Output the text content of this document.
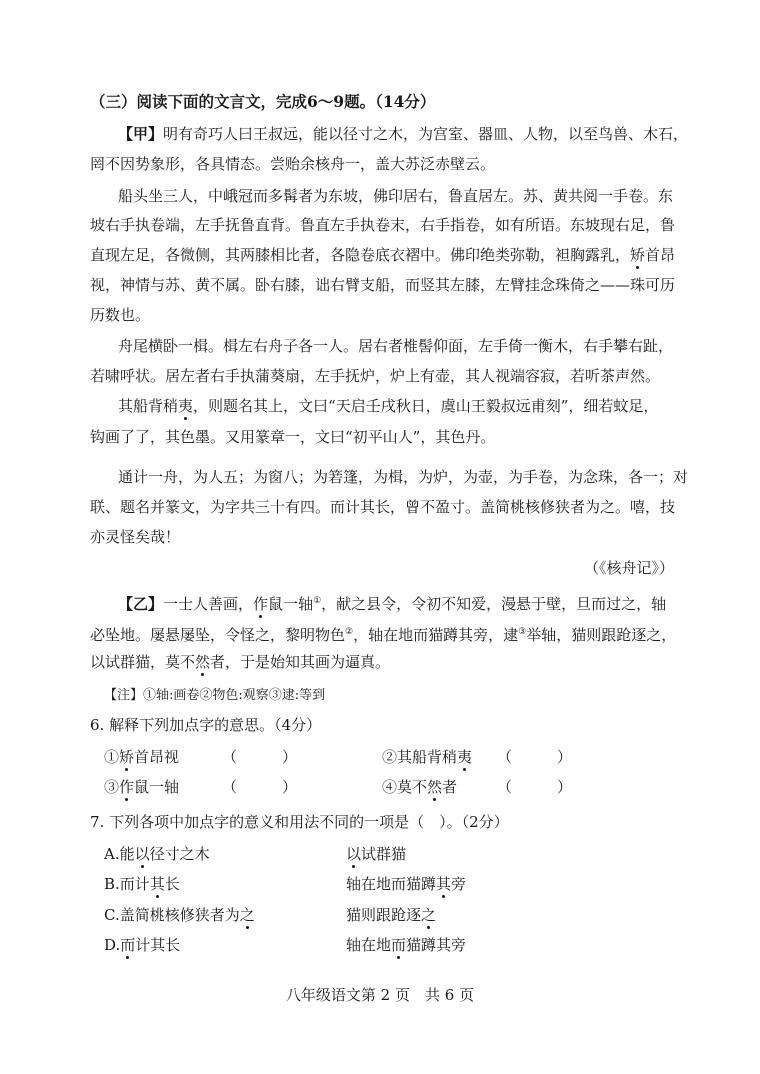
（三）阅读下面的文言文，完成6～9题。（14分）
【甲】明有奇巧人曰王叔远，能以径寸之木，为宫室、器皿、人物，以至鸟兽、木石，
罔不因势象形，各具情态。尝贻余核舟一，盖大苏泛赤壁云。
船头坐三人，中峨冠而多髯者为东坡，佛印居右，鲁直居左。苏、黄共阅一手卷。东
坡右手执卷端，左手抚鲁直背。鲁直左手执卷末，右手指卷，如有所语。东坡现右足，鲁
直现左足，各微侧，其两膝相比者，各隐卷底衣褶中。佛印绝类弥勒，袒胸露乳，矫首昂
视，神情与苏、黄不属。卧右膝，诎右臂支船，而竖其左膝，左臂挂念珠倚之——珠可历
历数也。
舟尾横卧一楫。楫左右舟子各一人。居右者椎髻仰面，左手倚一衡木，右手攀右趾，
若啸呼状。居左者右手执蒲葵扇，左手抚炉，炉上有壶，其人视端容寂，若听茶声然。
其船背稍夷，则题名其上，文曰“天启壬戌秋日，虞山王毅叔远甫刻”，细若蚊足，
钩画了了，其色墨。又用篆章一，文曰“初平山人”，其色丹。
通计一舟，为人五；为窗八；为箬篷，为楫，为炉，为壶，为手卷，为念珠，各一；对
联、题名并篆文，为字共三十有四。而计其长，曾不盈寸。盖简桃核修狭者为之。嘻，技
亦灵怪矣哉！
（《核舟记》）
【乙】一士人善画，作鼠一轴①，献之县令，令初不知爱，漫悬于壁，旦而过之，轴
必坠地。屡悬屡坠，令怪之，黎明物色②，轴在地而猫蹲其旁，逮③举轴，猫则跟跄逐之，
以试群猫，莫不然者，于是始知其画为逼真。
【注】①轴:画卷②物色:观察③逮:等到
6. 解释下列加点字的意思。（4分）
①矫首昂视	（　　　）	②其船背稍夷 （　　　）
③作鼠一轴	（　　　）	④莫不然者	（　　　）
7. 下列各项中加点字的意义和用法不同的一项是（　）。（2分）
A.能以径寸之木	以试群猫
B.而计其长	轴在地而猫蹲其旁
C.盖简桃核修狭者为之	猫则跟跄逐之
D.而计其长	轴在地而猫蹲其旁
八年级语文第 2 页　共 6 页
